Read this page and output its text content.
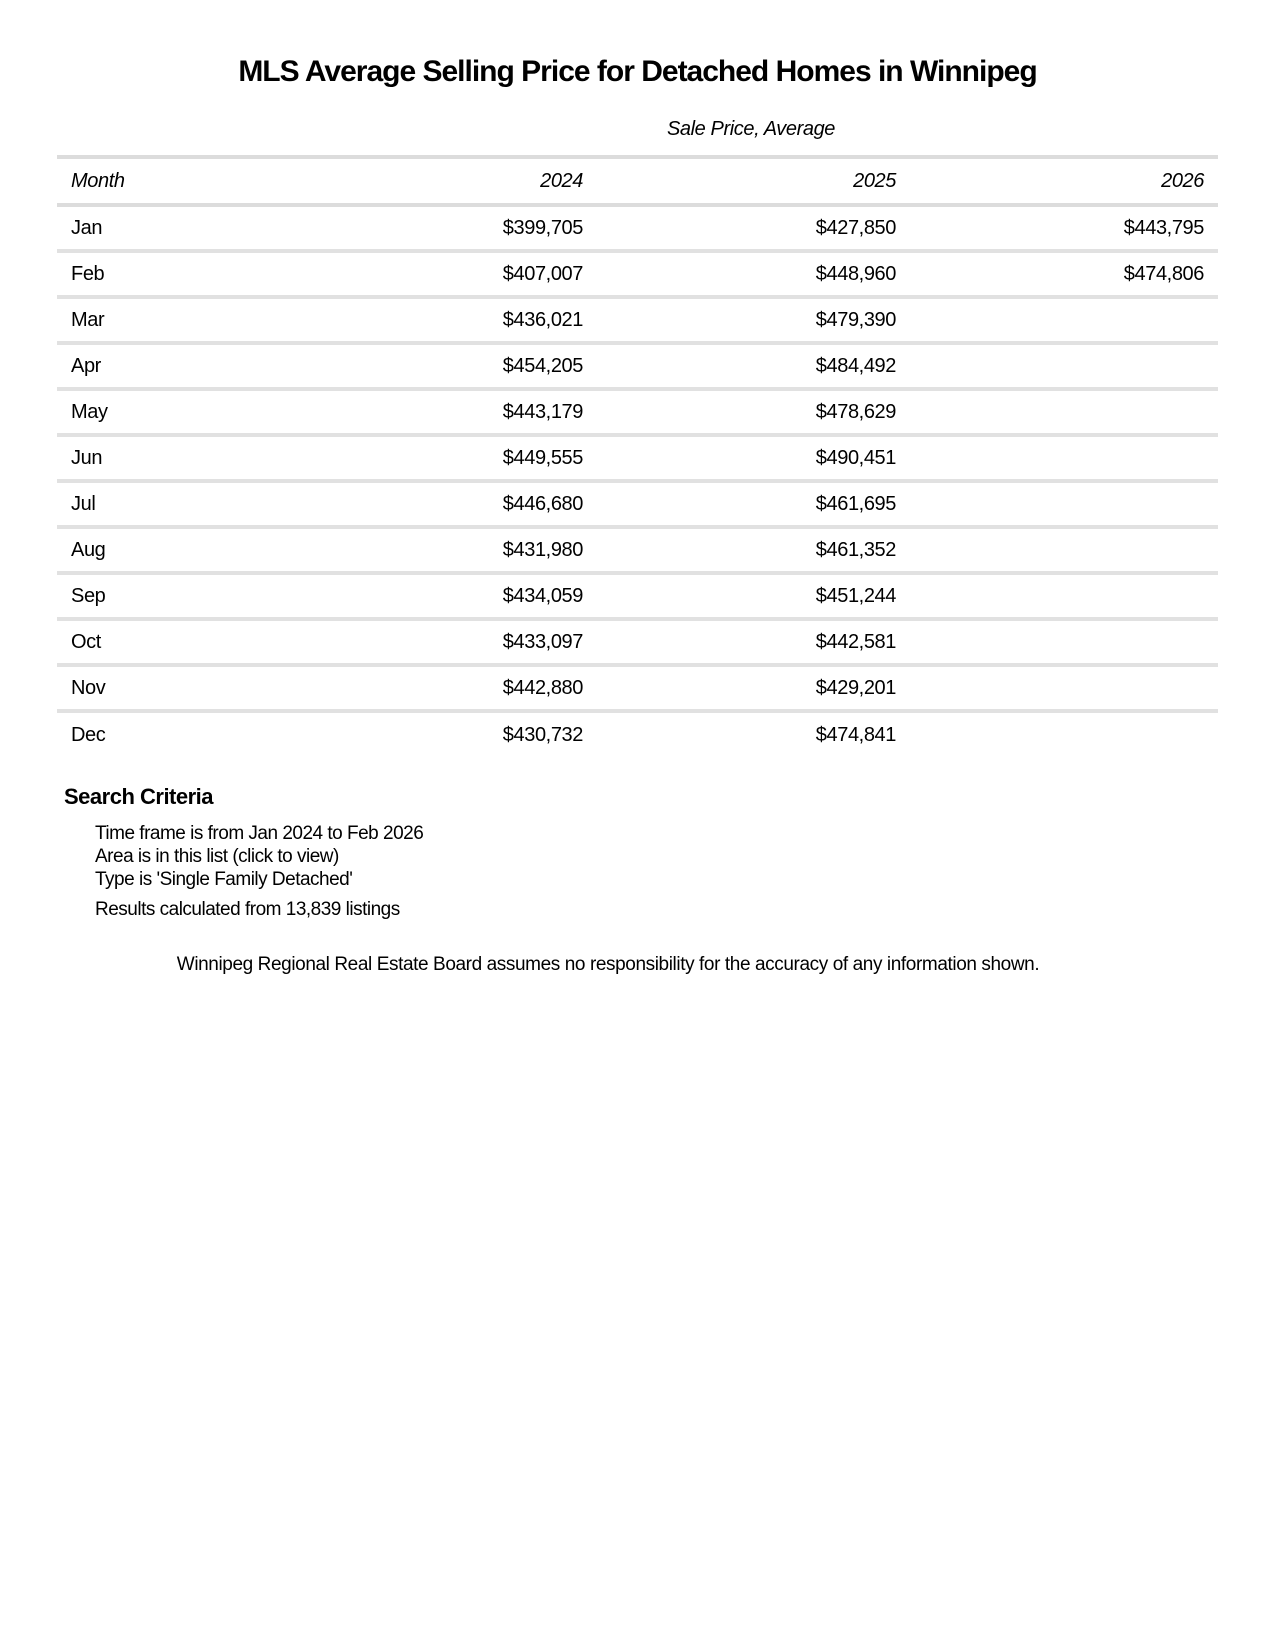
MLS Average Selling Price for Detached Homes in Winnipeg
Sale Price, Average
Month	2024	2025	2026
Jan	$399,705	$427,850	$443,795
Feb	$407,007	$448,960	$474,806
Mar	$436,021	$479,390	
Apr	$454,205	$484,492	
May	$443,179	$478,629	
Jun	$449,555	$490,451	
Jul	$446,680	$461,695	
Aug	$431,980	$461,352	
Sep	$434,059	$451,244	
Oct	$433,097	$442,581	
Nov	$442,880	$429,201	
Dec	$430,732	$474,841	
Search Criteria
Time frame is from Jan 2024 to Feb 2026
Area is in this list (click to view)
Type is 'Single Family Detached'
Results calculated from 13,839 listings
Winnipeg Regional Real Estate Board assumes no responsibility for the accuracy of any information shown.
